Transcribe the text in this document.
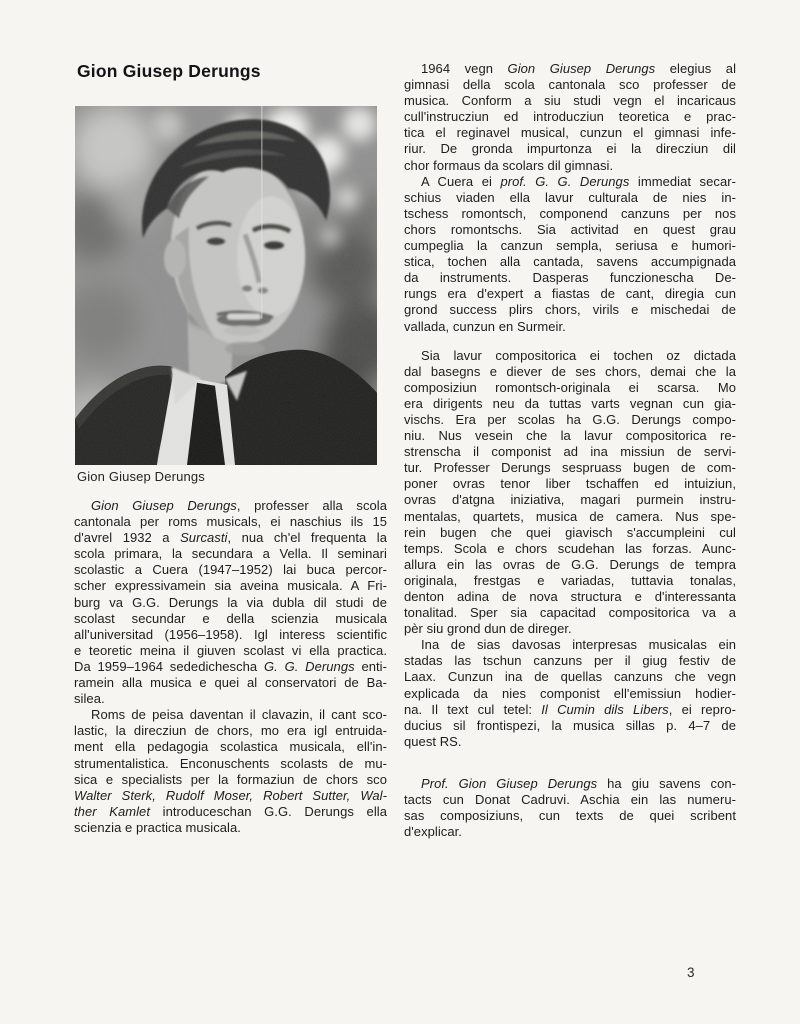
Gion Giusep Derungs
Gion Giusep Derungs
Gion Giusep Derungs, professer alla scola
cantonala per roms musicals, ei naschius ils 15
d'avrel 1932 a Surcasti, nua ch'el frequenta la
scola primara, la secundara a Vella. Il seminari
scolastic a Cuera (1947–1952) lai buca percor-
scher expressivamein sia aveina musicala. A Fri-
burg va G.G. Derungs la via dubla dil studi de
scolast secundar e della scienzia musicala
all'universitad (1956–1958). Igl interess scientific
e teoretic meina il giuven scolast vi ella practica.
Da 1959–1964 sededichescha G. G. Derungs enti-
ramein alla musica e quei al conservatori de Ba-
silea.
Roms de peisa daventan il clavazin, il cant sco-
lastic, la direcziun de chors, mo era igl entruida-
ment ella pedagogia scolastica musicala, ell'in-
strumentalistica. Enconuschents scolasts de mu-
sica e specialists per la formaziun de chors sco
Walter Sterk, Rudolf Moser, Robert Sutter, Wal-
ther Kamlet introduceschan G.G. Derungs ella
scienzia e practica musicala.
1964 vegn Gion Giusep Derungs elegius al
gimnasi della scola cantonala sco professer de
musica. Conform a siu studi vegn el incaricaus
cull'instrucziun ed introducziun teoretica e prac-
tica el reginavel musical, cunzun el gimnasi infe-
riur. De gronda impurtonza ei la direcziun dil
chor formaus da scolars dil gimnasi.
A Cuera ei prof. G. G. Derungs immediat secar-
schius viaden ella lavur culturala de nies in-
tschess romontsch, componend canzuns per nos
chors romontschs. Sia activitad en quest grau
cumpeglia la canzun sempla, seriusa e humori-
stica, tochen alla cantada, savens accumpignada
da instruments. Dasperas funczionescha De-
rungs era d'expert a fiastas de cant, diregia cun
grond success plirs chors, virils e mischedai de
vallada, cunzun en Surmeir.
Sia lavur compositorica ei tochen oz dictada
dal basegns e diever de ses chors, demai che la
composiziun romontsch-originala ei scarsa. Mo
era dirigents neu da tuttas varts vegnan cun gia-
vischs. Era per scolas ha G.G. Derungs compo-
niu. Nus vesein che la lavur compositorica re-
strenscha il componist ad ina missiun de servi-
tur. Professer Derungs sespruass bugen de com-
poner ovras tenor liber tschaffen ed intuiziun,
ovras d'atgna iniziativa, magari purmein instru-
mentalas, quartets, musica de camera. Nus spe-
rein bugen che quei giavisch s'accumpleini cul
temps. Scola e chors scudehan las forzas. Aunc-
allura ein las ovras de G.G. Derungs de tempra
originala, frestgas e variadas, tuttavia tonalas,
denton adina de nova structura e d'interessanta
tonalitad. Sper sia capacitad compositorica va a
pèr siu grond dun de direger.
Ina de sias davosas interpresas musicalas ein
stadas las tschun canzuns per il giug festiv de
Laax. Cunzun ina de quellas canzuns che vegn
explicada da nies componist ell'emissiun hodier-
na. Il text cul tetel: Il Cumin dils Libers, ei repro-
ducius sil frontispezi, la musica sillas p. 4–7 de
quest RS.
Prof. Gion Giusep Derungs ha giu savens con-
tacts cun Donat Cadruvi. Aschia ein las numeru-
sas composiziuns, cun texts de quei scribent
d'explicar.
3
